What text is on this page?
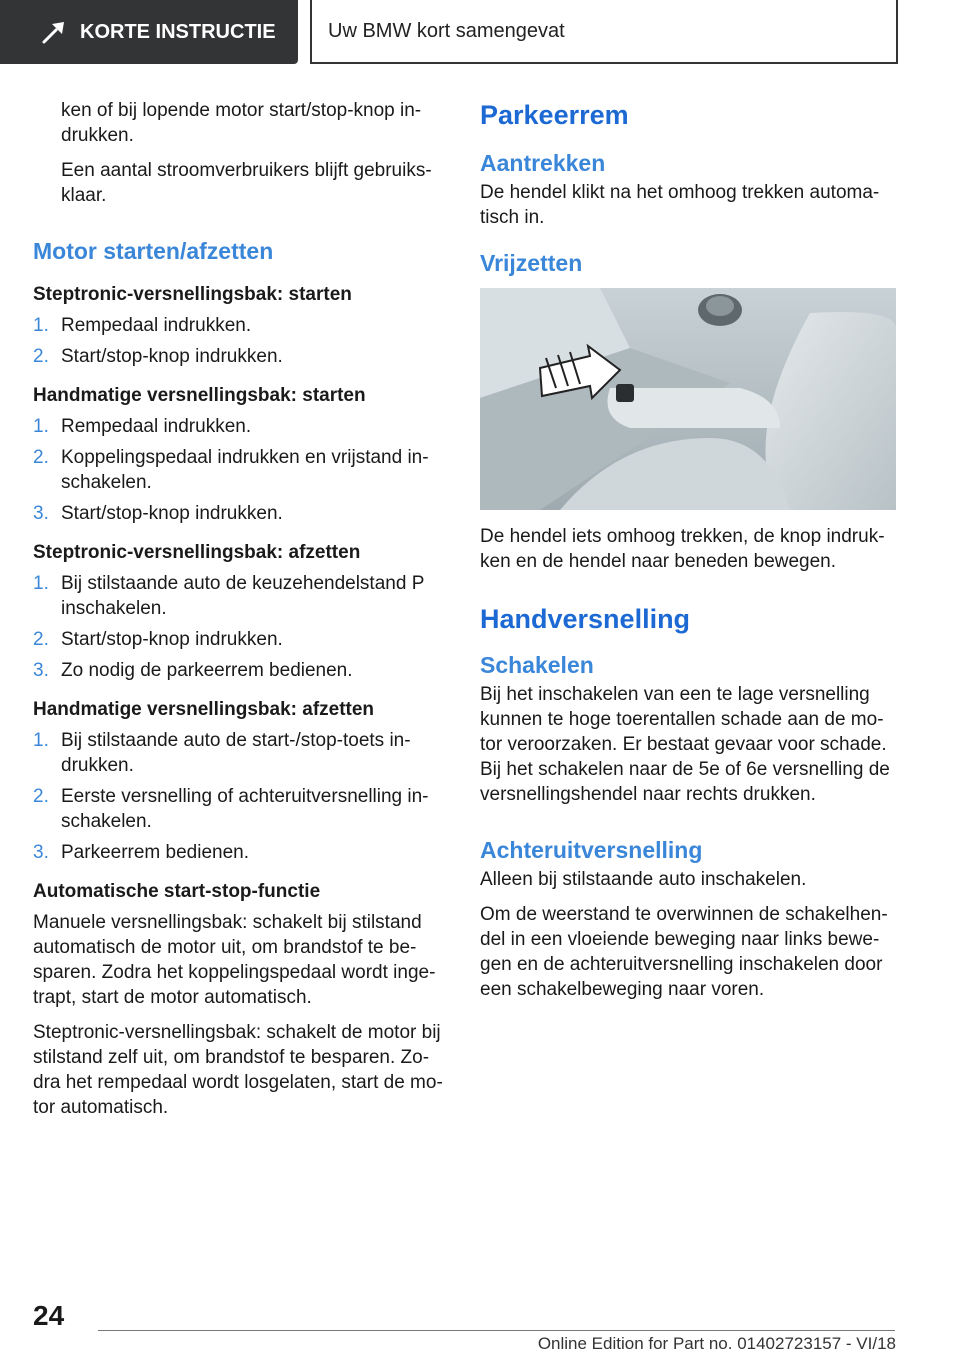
KORTE INSTRUCTIE	Uw BMW kort samengevat

ken of bij lopende motor start/stop-knop in-drukken.

Een aantal stroomverbruikers blijft gebruiks-klaar.

Motor starten/afzetten
Steptronic-versnellingsbak: starten
1. Rempedaal indrukken.
2. Start/stop-knop indrukken.
Handmatige versnellingsbak: starten
1. Rempedaal indrukken.
2. Koppelingspedaal indrukken en vrijstand in-schakelen.
3. Start/stop-knop indrukken.
Steptronic-versnellingsbak: afzetten
1. Bij stilstaande auto de keuzehendelstand P inschakelen.
2. Start/stop-knop indrukken.
3. Zo nodig de parkeerrem bedienen.
Handmatige versnellingsbak: afzetten
1. Bij stilstaande auto de start-/stop-toets in-drukken.
2. Eerste versnelling of achteruitversnelling in-schakelen.
3. Parkeerrem bedienen.
Automatische start-stop-functie

Manuele versnellingsbak: schakelt bij stilstand automatisch de motor uit, om brandstof te be-sparen. Zodra het koppelingspedaal wordt inge-trapt, start de motor automatisch.

Steptronic-versnellingsbak: schakelt de motor bij stilstand zelf uit, om brandstof te besparen. Zo-dra het rempedaal wordt losgelaten, start de mo-tor automatisch.

Parkeerrem
Aantrekken

De hendel klikt na het omhoog trekken automa-tisch in.

Vrijzetten

De hendel iets omhoog trekken, de knop indruk-ken en de hendel naar beneden bewegen.

Handversnelling
Schakelen

Bij het inschakelen van een te lage versnelling kunnen te hoge toerentallen schade aan de mo-tor veroorzaken. Er bestaat gevaar voor schade. Bij het schakelen naar de 5e of 6e versnelling de versnellingshendel naar rechts drukken.

Achteruitversnelling

Alleen bij stilstaande auto inschakelen.

Om de weerstand te overwinnen de schakelhen-del in een vloeiende beweging naar links bewe-gen en de achteruitversnelling inschakelen door een schakelbeweging naar voren.

24
Online Edition for Part no. 01402723157 - VI/18
